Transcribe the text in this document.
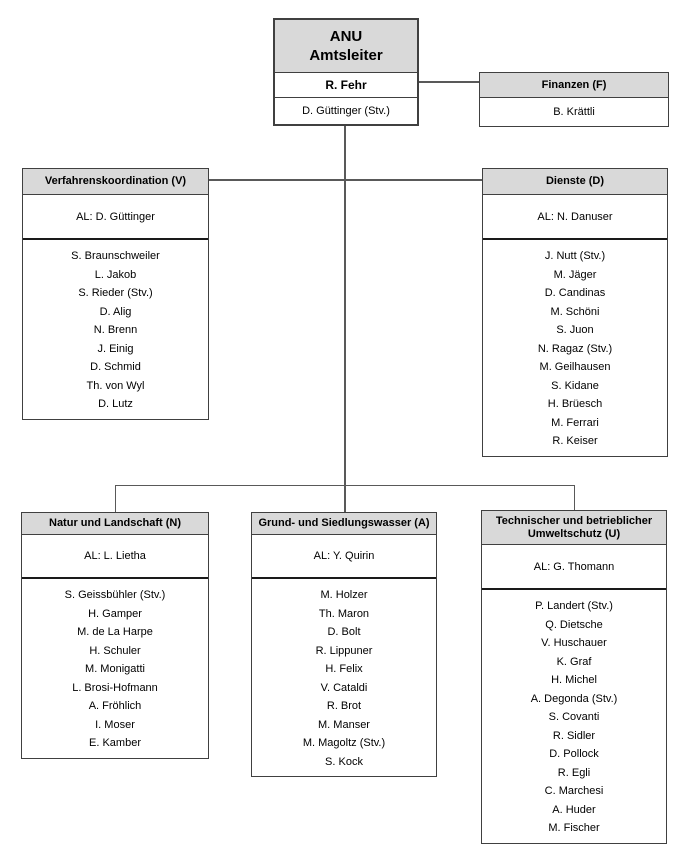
ANU
Amtsleiter
R. Fehr
D. Güttinger (Stv.)
Finanzen (F)
B. Krättli
Verfahrenskoordination (V)
AL: D. Güttinger
S. Braunschweiler
L. Jakob
S. Rieder (Stv.)
D. Alig
N. Brenn
J. Einig
D. Schmid
Th. von Wyl
D. Lutz
Dienste (D)
AL: N. Danuser
J. Nutt (Stv.)
M. Jäger
D. Candinas
M. Schöni
S. Juon
N. Ragaz (Stv.)
M. Geilhausen
S. Kidane
H. Brüesch
M. Ferrari
R. Keiser
Natur und Landschaft (N)
AL: L. Lietha
S. Geissbühler (Stv.)
H. Gamper
M. de La Harpe
H. Schuler
M. Monigatti
L. Brosi-Hofmann
A. Fröhlich
I. Moser
E. Kamber
Grund- und Siedlungswasser (A)
AL: Y. Quirin
M. Holzer
Th. Maron
D. Bolt
R. Lippuner
H. Felix
V. Cataldi
R. Brot
M. Manser
M. Magoltz (Stv.)
S. Kock
Technischer und betrieblicher Umweltschutz (U)
AL: G. Thomann
P. Landert (Stv.)
Q. Dietsche
V. Huschauer
K. Graf
H. Michel
A. Degonda (Stv.)
S. Covanti
R. Sidler
D. Pollock
R. Egli
C. Marchesi
A. Huder
M. Fischer
